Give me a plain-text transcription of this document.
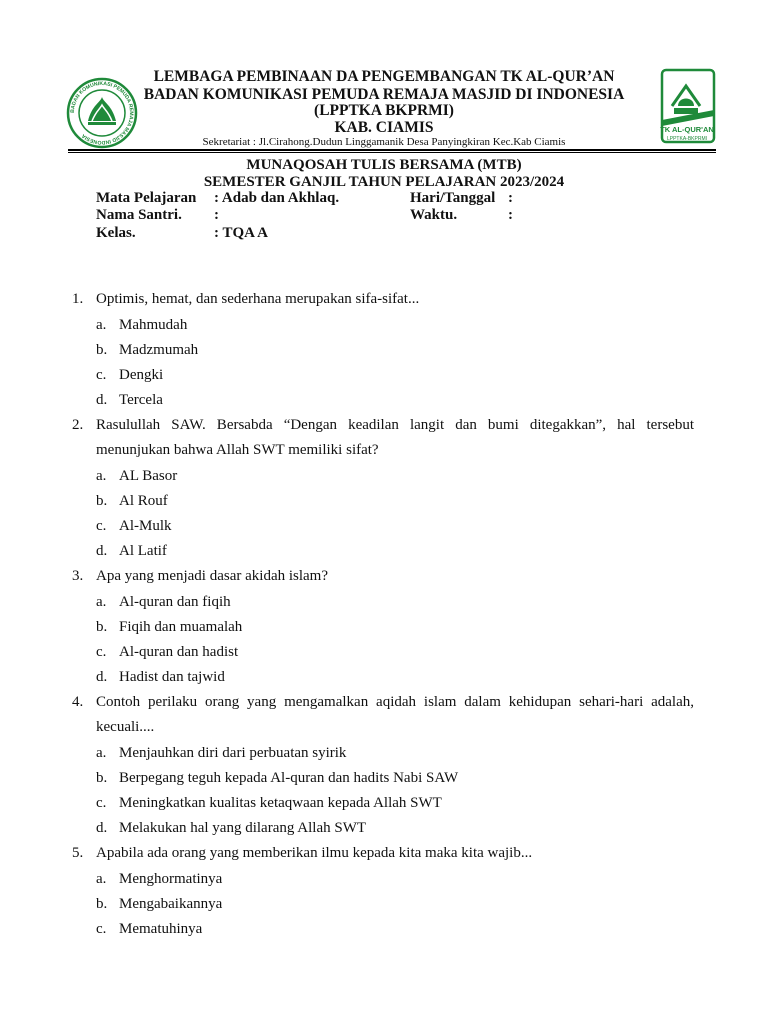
BADAN KOMUNIKASI PEMUDA REMAJA MASJID INDONESIA
TK AL-QUR'AN
LPPTKA-BKPRMI
LEMBAGA PEMBINAAN DA PENGEMBANGAN TK AL-QUR’AN
BADAN KOMUNIKASI PEMUDA REMAJA MASJID DI INDONESIA
(LPPTKA BKPRMI)
KAB. CIAMIS
Sekretariat : Jl.Cirahong.Dudun Linggamanik Desa Panyingkiran Kec.Kab Ciamis
MUNAQOSAH TULIS BERSAMA (MTB)
SEMESTER GANJIL TAHUN PELAJARAN 2023/2024
Mata Pelajaran : Adab dan Akhlaq.
Nama Santri. :
Kelas.	: TQA A
Hari/Tanggal :
Waktu.	:
1. Optimis, hemat, dan sederhana merupakan sifa-sifat...
a. Mahmudah
b. Madzmumah
c. Dengki
d. Tercela
2. Rasulullah SAW. Bersabda “Dengan keadilan langit dan bumi ditegakkan”, hal tersebut menunjukan bahwa Allah SWT memiliki sifat?
a. AL Basor
b. Al Rouf
c. Al-Mulk
d. Al Latif
3. Apa yang menjadi dasar akidah islam?
a. Al-quran dan fiqih
b. Fiqih dan muamalah
c. Al-quran dan hadist
d. Hadist dan tajwid
4. Contoh perilaku orang yang mengamalkan aqidah islam dalam kehidupan sehari-hari adalah, kecuali....
a. Menjauhkan diri dari perbuatan syirik
b. Berpegang teguh kepada Al-quran dan hadits Nabi SAW
c. Meningkatkan kualitas ketaqwaan kepada Allah SWT
d. Melakukan hal yang dilarang Allah SWT
5. Apabila ada orang yang memberikan ilmu kepada kita maka kita wajib...
a. Menghormatinya
b. Mengabaikannya
c. Mematuhinya
